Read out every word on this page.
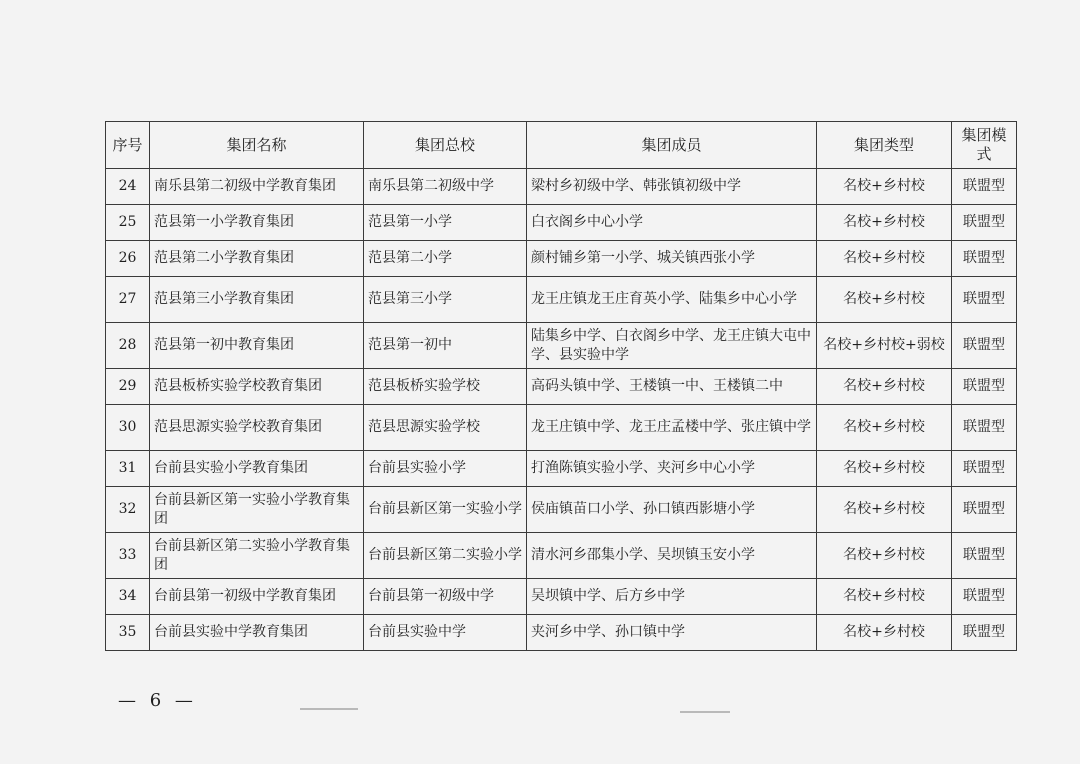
序号	集团名称	集团总校	集团成员	集团类型	集团模式
24	南乐县第二初级中学教育集团	南乐县第二初级中学	梁村乡初级中学、韩张镇初级中学	名校+乡村校	联盟型
25	范县第一小学教育集团	范县第一小学	白衣阁乡中心小学	名校+乡村校	联盟型
26	范县第二小学教育集团	范县第二小学	颜村铺乡第一小学、城关镇西张小学	名校+乡村校	联盟型
27	范县第三小学教育集团	范县第三小学	龙王庄镇龙王庄育英小学、陆集乡中心小学	名校+乡村校	联盟型
28	范县第一初中教育集团	范县第一初中	陆集乡中学、白衣阁乡中学、龙王庄镇大屯中学、县实验中学	名校+乡村校+弱校	联盟型
29	范县板桥实验学校教育集团	范县板桥实验学校	高码头镇中学、王楼镇一中、王楼镇二中	名校+乡村校	联盟型
30	范县思源实验学校教育集团	范县思源实验学校	龙王庄镇中学、龙王庄孟楼中学、张庄镇中学	名校+乡村校	联盟型
31	台前县实验小学教育集团	台前县实验小学	打渔陈镇实验小学、夹河乡中心小学	名校+乡村校	联盟型
32	台前县新区第一实验小学教育集团	台前县新区第一实验小学	侯庙镇苗口小学、孙口镇西影塘小学	名校+乡村校	联盟型
33	台前县新区第二实验小学教育集团	台前县新区第二实验小学	清水河乡邵集小学、吴坝镇玉安小学	名校+乡村校	联盟型
34	台前县第一初级中学教育集团	台前县第一初级中学	吴坝镇中学、后方乡中学	名校+乡村校	联盟型
35	台前县实验中学教育集团	台前县实验中学	夹河乡中学、孙口镇中学	名校+乡村校	联盟型
— 6 —
